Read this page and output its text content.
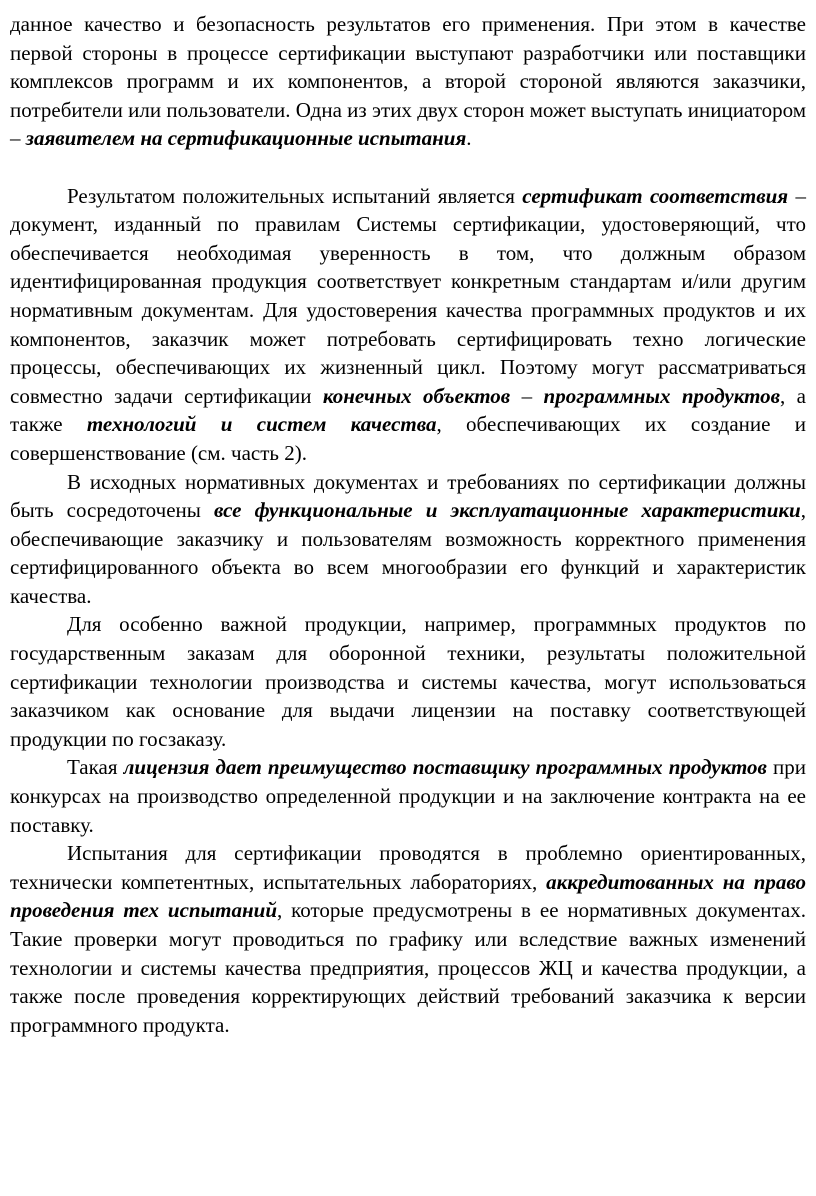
данное качество и безопасность результатов его применения. При этом в качестве первой стороны в процессе сертификации выступают разработчики или поставщики комплексов программ и их компонентов, а второй стороной являются заказчики, потребители или пользователи. Одна из этих двух сторон может выступать инициатором – заявителем на сертификационные испытания.

Результатом положительных испытаний является сертификат соответствия – документ, изданный по правилам Системы сертификации, удостоверяющий, что обеспечивается необходимая уверенность в том, что должным образом идентифицированная продукция соответствует конкретным стандартам и/или другим нормативным документам. Для удостоверения качества программных продуктов и их компонентов, заказчик может потребовать сертифицировать техно логические процессы, обеспечивающих их жизненный цикл. Поэтому могут рассматриваться совместно задачи сертификации конечных объектов – программных продуктов, а также технологий и систем качества, обеспечивающих их создание и совершенствование (см. часть 2).

В исходных нормативных документах и требованиях по сертификации должны быть сосредоточены все функциональные и эксплуатационные характеристики, обеспечивающие заказчику и пользователям возможность корректного применения сертифицированного объекта во всем многообразии его функций и характеристик качества.

Для особенно важной продукции, например, программных продуктов по государственным заказам для оборонной техники, результаты положительной сертификации технологии производства и системы качества, могут использоваться заказчиком как основание для выдачи лицензии на поставку соответствующей продукции по госзаказу.

Такая лицензия дает преимущество поставщику программных продуктов при конкурсах на производство определенной продукции и на заключение контракта на ее поставку.

Испытания для сертификации проводятся в проблемно ориентированных, технически компетентных, испытательных лабораториях, аккредитованных на право проведения тех испытаний, которые предусмотрены в ее нормативных документах. Такие проверки могут проводиться по графику или вследствие важных изменений технологии и системы качества предприятия, процессов ЖЦ и качества продукции, а также после проведения корректирующих действий требований заказчика к версии программного продукта.
